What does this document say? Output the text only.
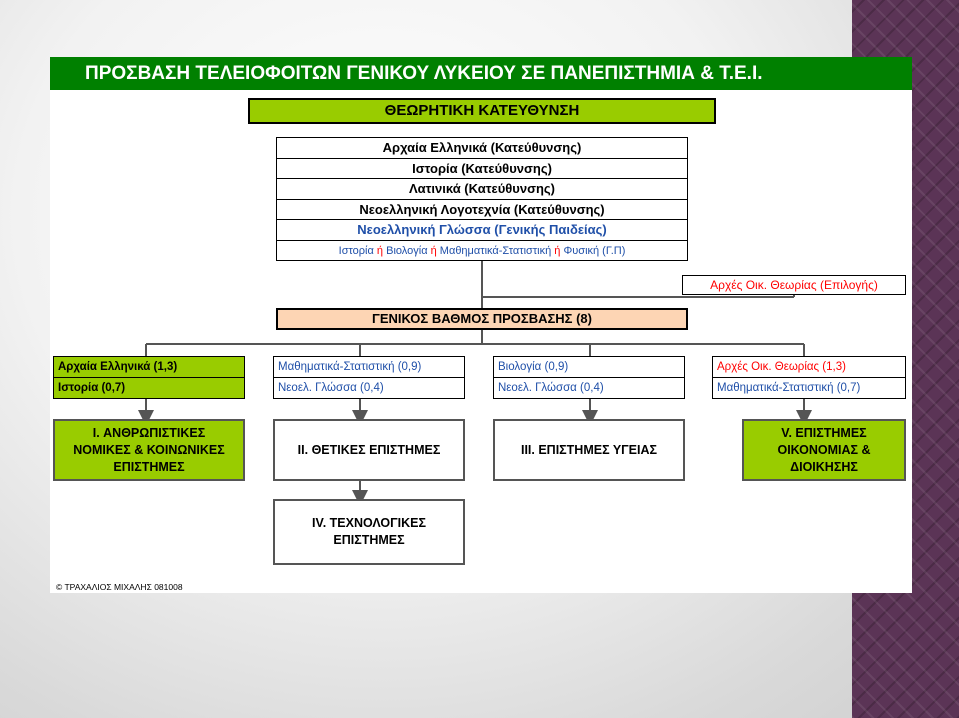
ΠΡΟΣΒΑΣΗ ΤΕΛΕΙΟΦΟΙΤΩΝ ΓΕΝΙΚΟΥ ΛΥΚΕΙΟΥ ΣΕ ΠΑΝΕΠΙΣΤΗΜΙΑ & Τ.Ε.Ι.
ΘΕΩΡΗΤΙΚΗ ΚΑΤΕΥΘΥΝΣΗ
Αρχαία Ελληνικά (Κατεύθυνσης)
Ιστορία (Κατεύθυνσης)
Λατινικά (Κατεύθυνσης)
Νεοελληνική Λογοτεχνία (Κατεύθυνσης)
Νεοελληνική Γλώσσα (Γενικής Παιδείας)
Ιστορία ή Βιολογία ή Μαθηματικά-Στατιστική ή Φυσική (Γ.Π)
Αρχές Οικ. Θεωρίας (Επιλογής)
ΓΕΝΙΚΟΣ ΒΑΘΜΟΣ ΠΡΟΣΒΑΣΗΣ (8)
Αρχαία Ελληνικά (1,3)
Ιστορία (0,7)
Μαθηματικά-Στατιστική (0,9)
Νεοελ. Γλώσσα (0,4)
Βιολογία (0,9)
Νεοελ. Γλώσσα (0,4)
Αρχές Οικ. Θεωρίας (1,3)
Μαθηματικά-Στατιστική (0,7)
I. ΑΝΘΡΩΠΙΣΤΙΚΕΣ
ΝΟΜΙΚΕΣ & ΚΟΙΝΩΝΙΚΕΣ
ΕΠΙΣΤΗΜΕΣ
II. ΘΕΤΙΚΕΣ ΕΠΙΣΤΗΜΕΣ	III. ΕΠΙΣΤΗΜΕΣ ΥΓΕΙΑΣ
V. ΕΠΙΣΤΗΜΕΣ
ΟΙΚΟΝΟΜΙΑΣ &
ΔΙΟΙΚΗΣΗΣ
IV. ΤΕΧΝΟΛΟΓΙΚΕΣ
ΕΠΙΣΤΗΜΕΣ
© ΤΡΑΧΑΛΙΟΣ ΜΙΧΑΛΗΣ 081008
